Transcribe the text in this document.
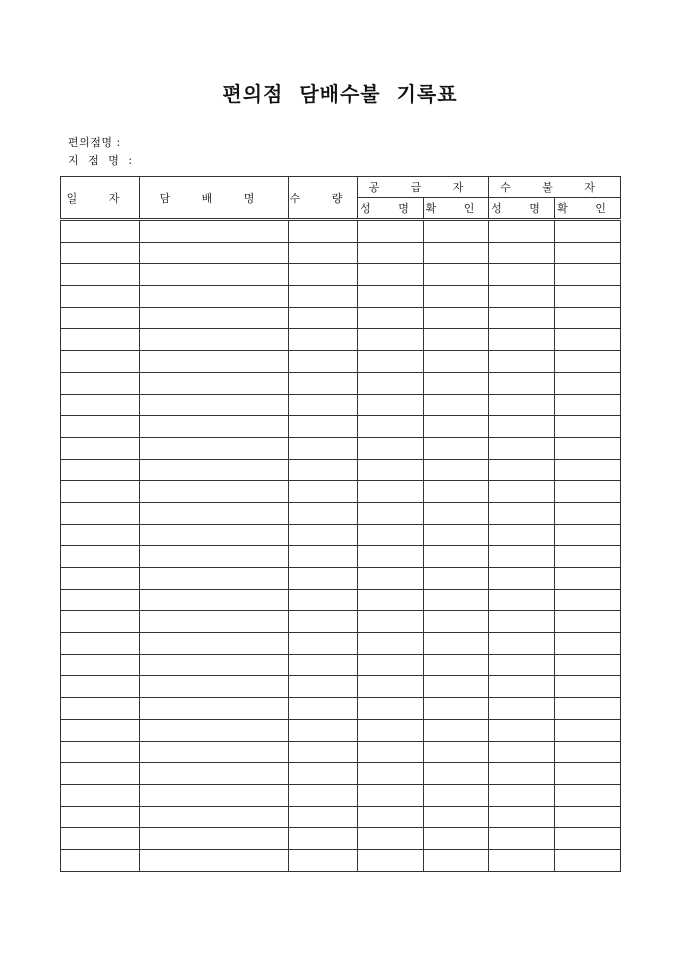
편의점 담배수불 기록표
편의점명 :
지 점 명 :
일 자	담 배 명	수 량	공 급 자		수 불 자	
			성 명	확 인	성 명	확 인
